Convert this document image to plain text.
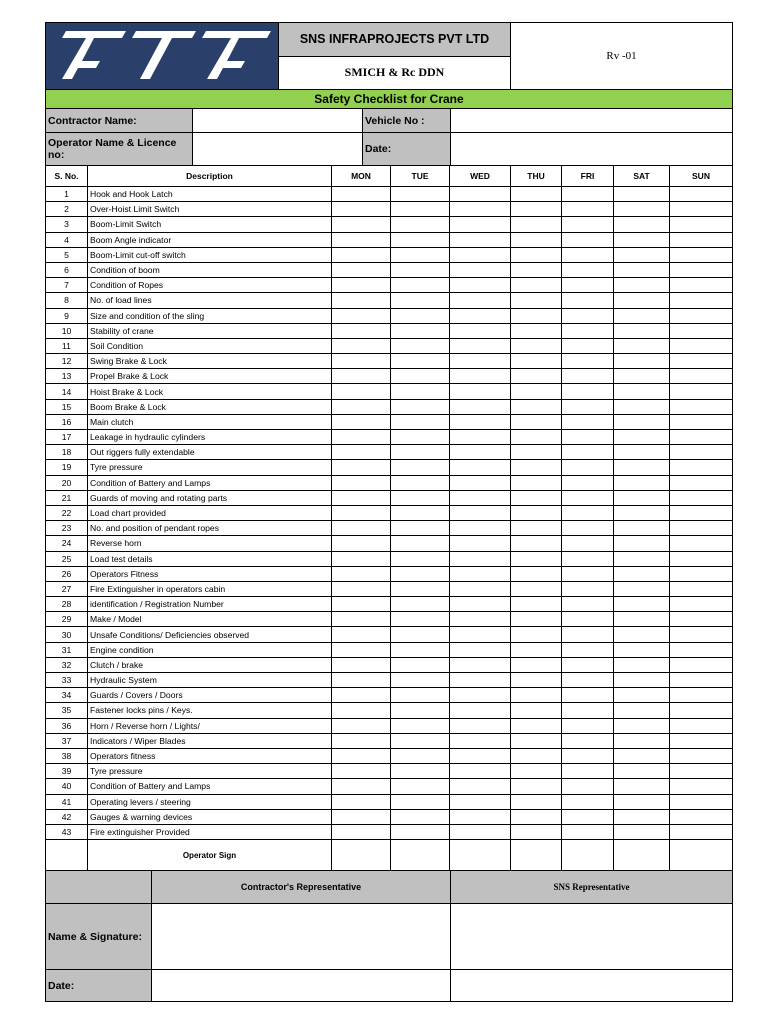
	SNS INFRAPROJECTS PVT LTD	Rv -01
SMICH & Rc DDN
Safety Checklist for Crane
Contractor Name:		Vehicle No :	
Operator Name & Licence no:		Date:	
S. No.	Description	MON	TUE	WED	THU	FRI	SAT	SUN
1	Hook and Hook Latch							
2	Over-Hoist Limit Switch							
3	Boom-Limit Switch							
4	Boom Angle indicator							
5	Boom-Limit cut-off switch							
6	Condition of boom							
7	Condition of Ropes							
8	No. of load lines							
9	Size and condition of the sling							
10	Stability of crane							
11	Soil Condition							
12	Swing Brake & Lock							
13	Propel Brake & Lock							
14	Hoist Brake & Lock							
15	Boom Brake & Lock							
16	Main clutch							
17	Leakage in hydraulic cylinders							
18	Out riggers fully extendable							
19	Tyre pressure							
20	Condition of Battery and Lamps							
21	Guards of moving and rotating parts							
22	Load chart provided							
23	No. and position of pendant ropes							
24	Reverse horn							
25	Load test details							
26	Operators Fitness							
27	Fire Extinguisher in operators cabin							
28	identification / Registration Number							
29	Make / Model							
30	Unsafe Conditions/ Deficiencies observed							
31	Engine condition							
32	Clutch / brake							
33	Hydraulic System							
34	Guards / Covers / Doors							
35	Fastener locks pins / Keys.							
36	Horn / Reverse horn / Lights/							
37	Indicators / Wiper Blades							
38	Operators fitness							
39	Tyre pressure							
40	Condition of Battery and Lamps							
41	Operating levers / steering							
42	Gauges & warning devices							
43	Fire extinguisher Provided							
	Operator Sign							
	Contractor's Representative	SNS Representative
Name & Signature:		
Date:		
